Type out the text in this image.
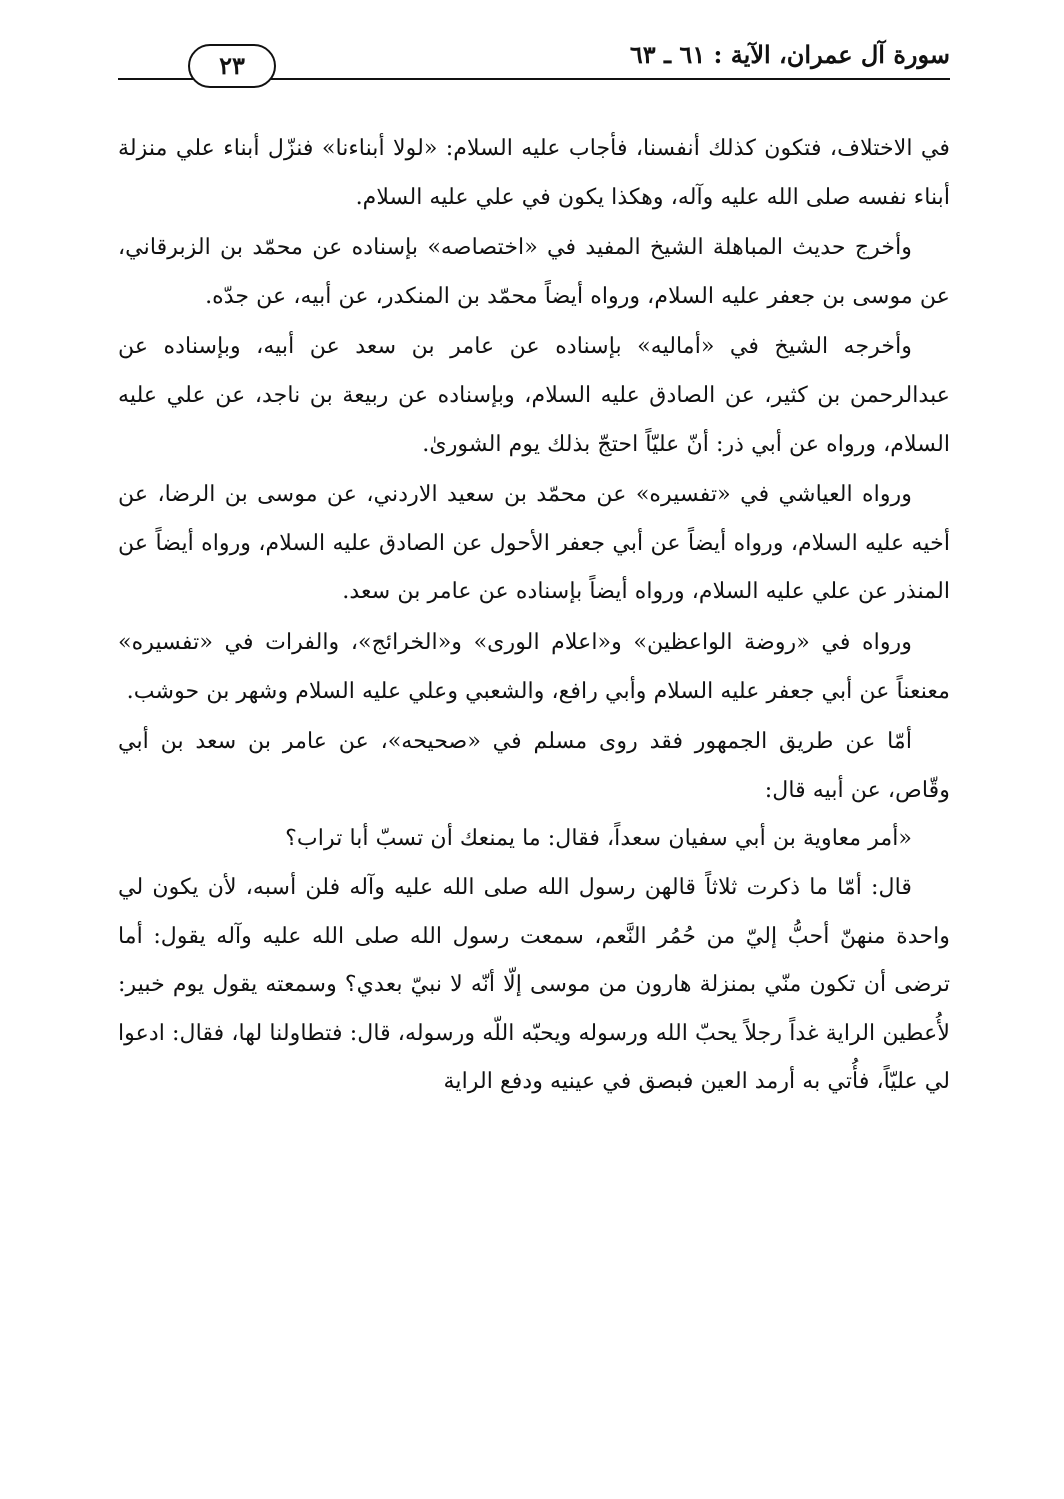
سورة آل عمران، الآية : ٦١ ـ ٦٣
٢٣

في الاختلاف، فتكون كذلك أنفسنا، فأجاب عليه السلام: «لولا أبناءنا» فنزّل أبناء علي منزلة أبناء نفسه صلى الله عليه وآله، وهكذا يكون في علي عليه السلام.

وأخرج حديث المباهلة الشيخ المفيد في «اختصاصه» بإسناده عن محمّد بن الزبرقاني، عن موسى بن جعفر عليه السلام، ورواه أيضاً محمّد بن المنكدر، عن أبيه، عن جدّه.

وأخرجه الشيخ في «أماليه» بإسناده عن عامر بن سعد عن أبيه، وبإسناده عن عبدالرحمن بن كثير، عن الصادق عليه السلام، وبإسناده عن ربيعة بن ناجد، عن علي عليه السلام، ورواه عن أبي ذر: أنّ عليّاً احتجّ بذلك يوم الشورىٰ.

ورواه العياشي في «تفسيره» عن محمّد بن سعيد الاردني، عن موسى بن الرضا، عن أخيه عليه السلام، ورواه أيضاً عن أبي جعفر الأحول عن الصادق عليه السلام، ورواه أيضاً عن المنذر عن علي عليه السلام، ورواه أيضاً بإسناده عن عامر بن سعد.

ورواه في «روضة الواعظين» و«اعلام الورى» و«الخرائج»، والفرات في «تفسيره» معنعناً عن أبي جعفر عليه السلام وأبي رافع، والشعبي وعلي عليه السلام وشهر بن حوشب.

أمّا عن طريق الجمهور فقد روى مسلم في «صحيحه»، عن عامر بن سعد بن أبي وقّاص، عن أبيه قال:

«أمر معاوية بن أبي سفيان سعداً، فقال: ما يمنعك أن تسبّ أبا تراب؟

قال: أمّا ما ذكرت ثلاثاً قالهن رسول الله صلى الله عليه وآله فلن أسبه، لأن يكون لي واحدة منهنّ أحبُّ إليّ من حُمُر النَّعم، سمعت رسول الله صلى الله عليه وآله يقول: أما ترضى أن تكون منّي بمنزلة هارون من موسى إلّا أنّه لا نبيّ بعدي؟ وسمعته يقول يوم خبير: لأُعطين الراية غداً رجلاً يحبّ الله ورسوله ويحبّه اللّه ورسوله، قال: فتطاولنا لها، فقال: ادعوا لي عليّاً، فأُتي به أرمد العين فبصق في عينيه ودفع الراية
